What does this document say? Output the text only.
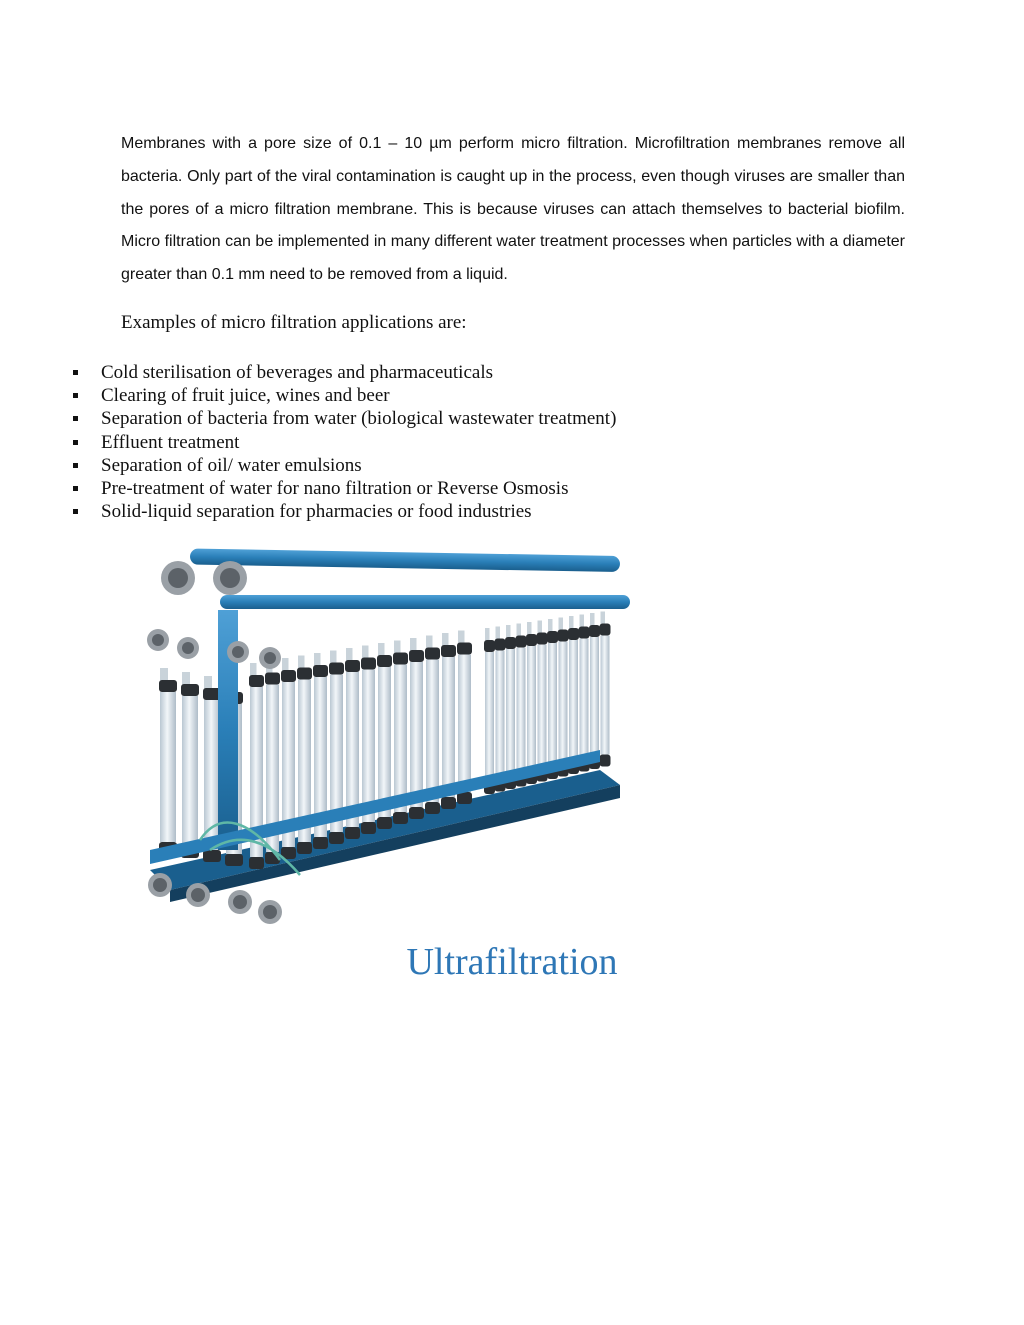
Membranes with a pore size of 0.1 – 10 µm perform micro filtration. Microfiltration membranes remove all bacteria. Only part of the viral contamination is caught up in the process, even though viruses are smaller than the pores of a micro filtration membrane. This is because viruses can attach themselves to bacterial biofilm. Micro filtration can be implemented in many different water treatment processes when particles with a diameter greater than 0.1 mm need to be removed from a liquid.

Examples of micro filtration applications are:

Cold sterilisation of beverages and pharmaceuticals
Clearing of fruit juice, wines and beer
Separation of bacteria from water (biological wastewater treatment)
Effluent treatment
Separation of oil/ water emulsions
Pre-treatment of water for nano filtration or Reverse Osmosis
Solid-liquid separation for pharmacies or food industries
Ultrafiltration
